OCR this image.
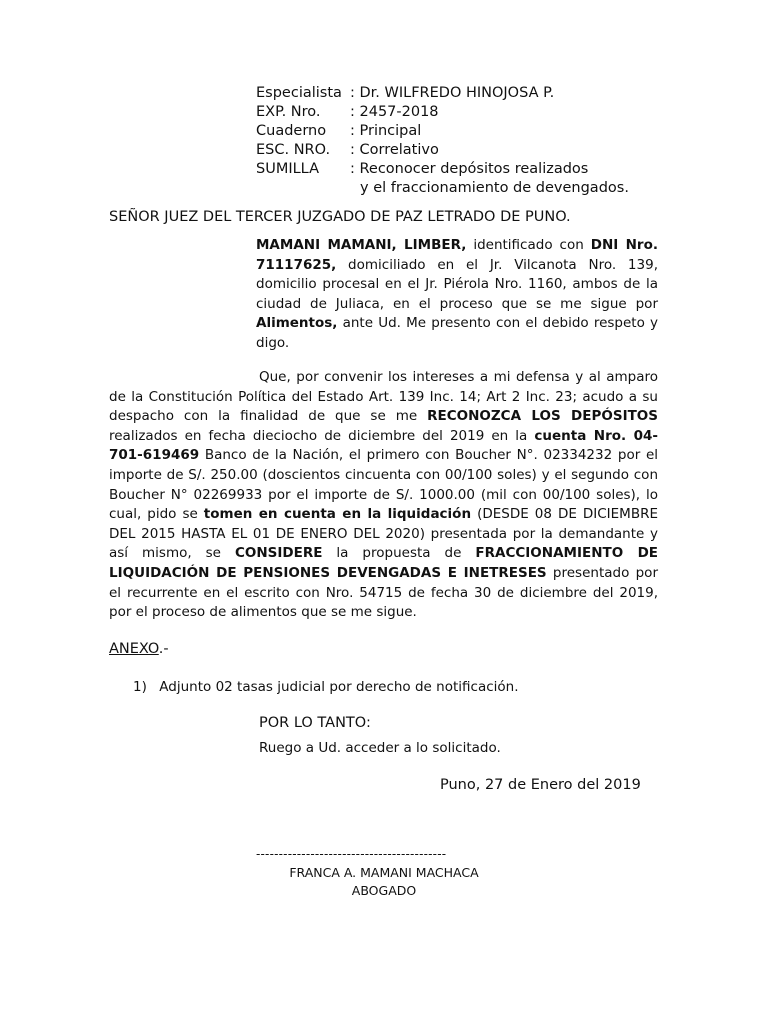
Especialista : Dr. WILFREDO HINOJOSA P.
EXP. Nro.	: 2457-2018
Cuaderno	: Principal
ESC. NRO.	: Correlativo
SUMILLA	: Reconocer depósitos realizados
y el fraccionamiento de devengados.
SEÑOR JUEZ DEL TERCER JUZGADO DE PAZ LETRADO DE PUNO.
MAMANI MAMANI, LIMBER, identificado con DNI Nro. 71117625, domiciliado en el Jr. Vilcanota Nro. 139, domicilio procesal en el Jr. Piérola Nro. 1160, ambos de la ciudad de Juliaca, en el proceso que se me sigue por Alimentos, ante Ud. Me presento con el debido respeto y digo.
Que, por convenir los intereses a mi defensa y al amparo de la Constitución Política del Estado Art. 139 Inc. 14; Art 2 Inc. 23; acudo a su despacho con la finalidad de que se me RECONOZCA LOS DEPÓSITOS realizados en fecha dieciocho de diciembre del 2019 en la cuenta Nro. 04-701-619469 Banco de la Nación, el primero con Boucher N°. 02334232 por el importe de S/. 250.00 (doscientos cincuenta con 00/100 soles) y el segundo con Boucher N° 02269933 por el importe de S/. 1000.00 (mil con 00/100 soles), lo cual, pido se tomen en cuenta en la liquidación (DESDE 08 DE DICIEMBRE DEL 2015 HASTA EL 01 DE ENERO DEL 2020) presentada por la demandante y así mismo, se CONSIDERE la propuesta de FRACCIONAMIENTO DE LIQUIDACIÓN DE PENSIONES DEVENGADAS E INETRESES presentado por el recurrente en el escrito con Nro. 54715 de fecha 30 de diciembre del 2019, por el proceso de alimentos que se me sigue.
ANEXO.-
1) Adjunto 02 tasas judicial por derecho de notificación.
POR LO TANTO:
Ruego a Ud. acceder a lo solicitado.
Puno, 27 de Enero del 2019
------------------------------------------
FRANCA A. MAMANI MACHACA
ABOGADO
